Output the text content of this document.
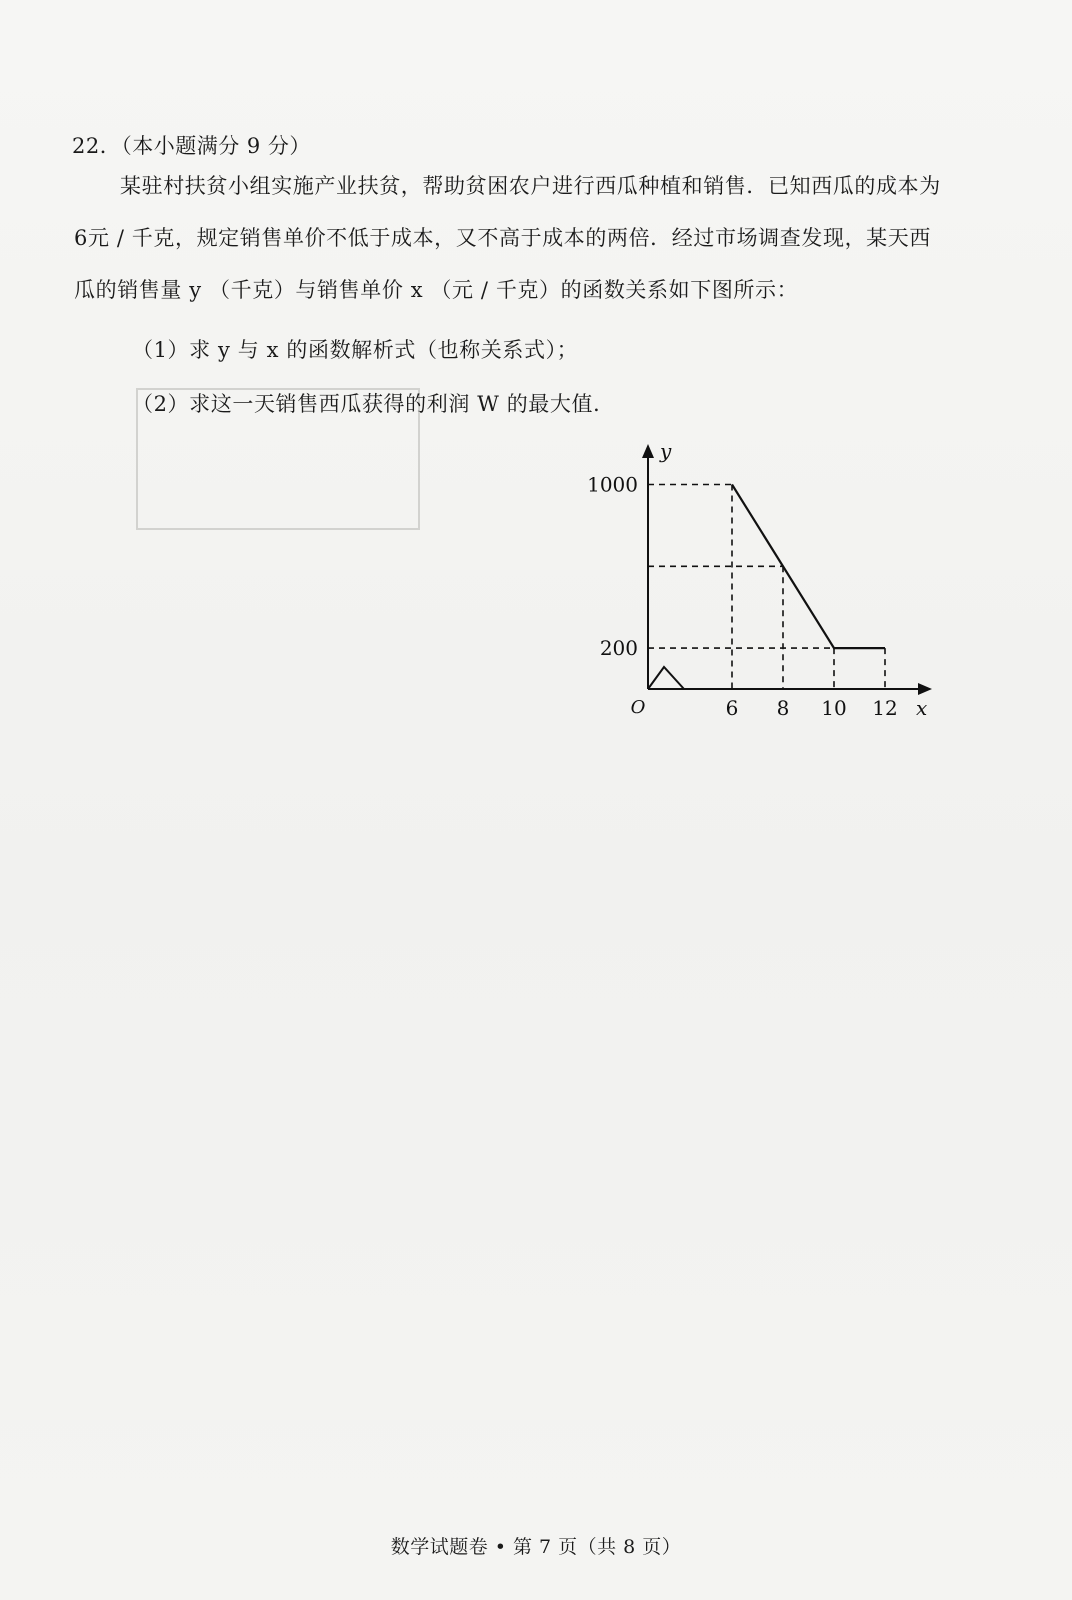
22．（本小题满分 9 分）
某驻村扶贫小组实施产业扶贫，帮助贫困农户进行西瓜种植和销售．已知西瓜的成本为
6元 / 千克，规定销售单价不低于成本，又不高于成本的两倍．经过市场调查发现，某天西
瓜的销售量 y （千克）与销售单价 x （元 / 千克）的函数关系如下图所示：
（1）求 y 与 x 的函数解析式（也称关系式）；
（2）求这一天销售西瓜获得的利润 W 的最大值．
6 8 10 12
1000
200
x
y
O
数学试题卷 • 第 7 页（共 8 页）
